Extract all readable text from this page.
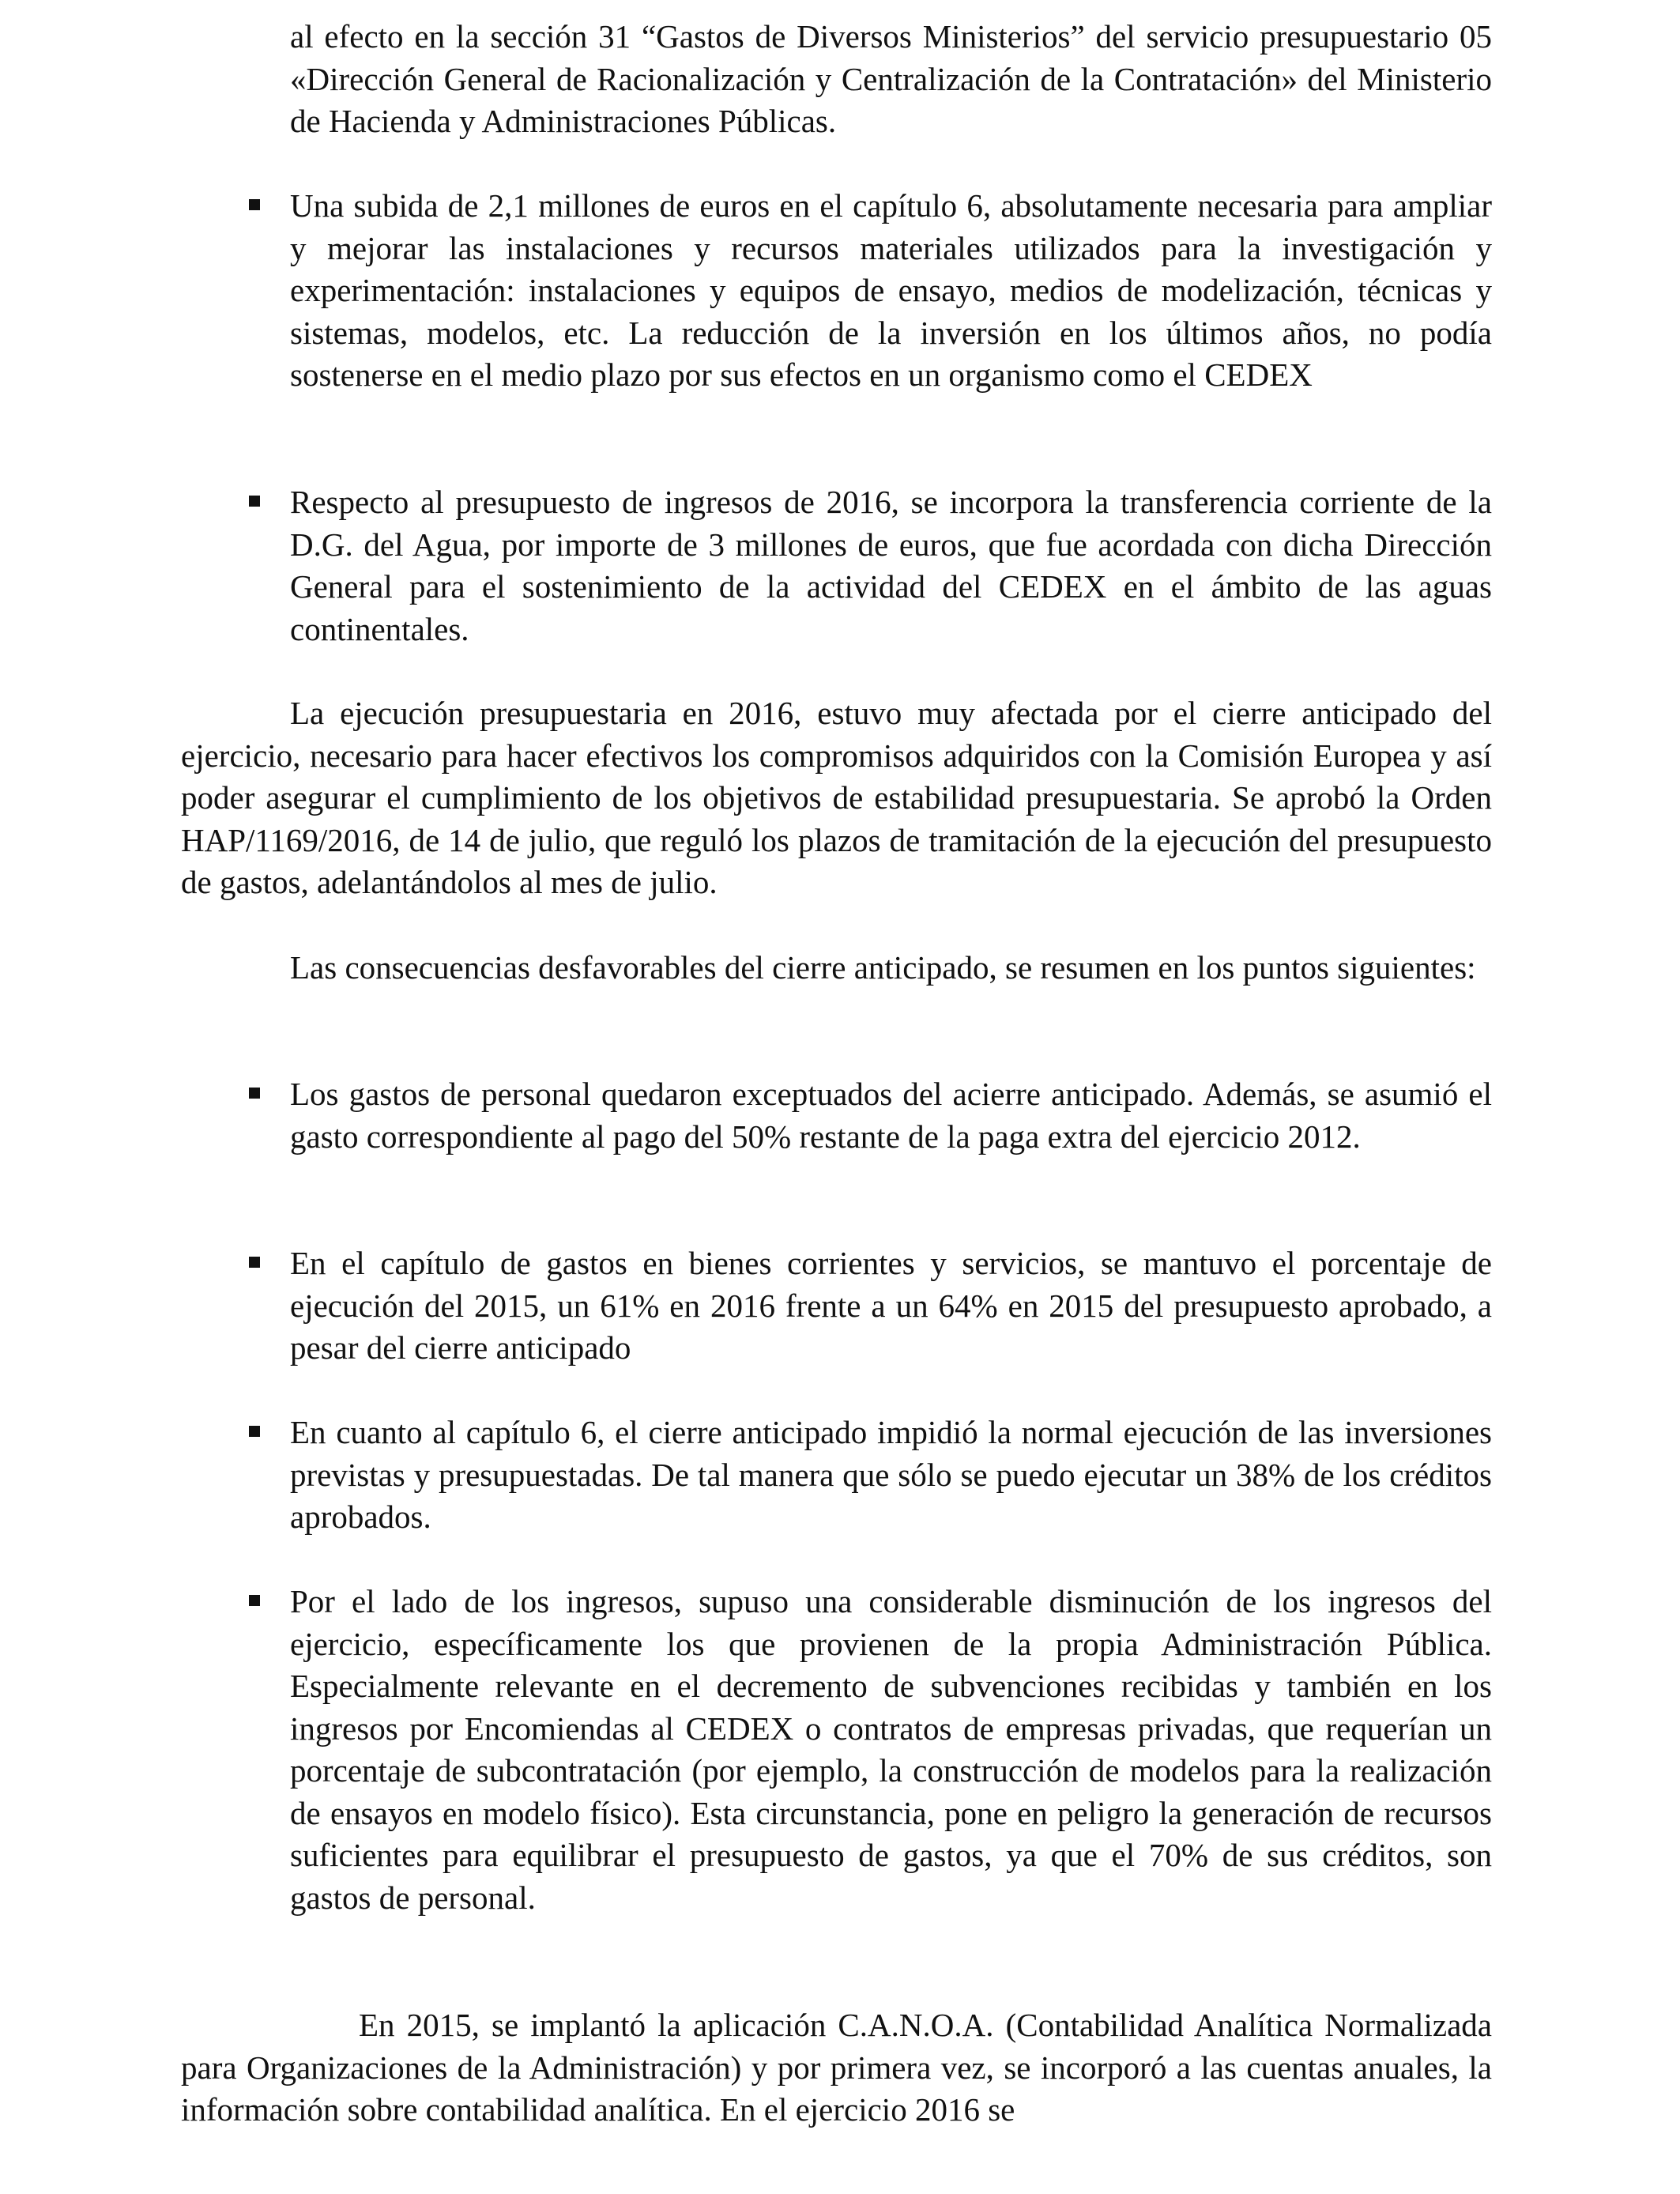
al efecto en la sección 31 “Gastos de Diversos Ministerios” del servicio presupuestario 05 «Dirección General de Racionalización y Centralización de la Contratación» del Ministerio de Hacienda y Administraciones Públicas.

Una subida de 2,1 millones de euros en el capítulo 6, absolutamente necesaria para ampliar y mejorar las instalaciones y recursos materiales utilizados para la investigación y experimentación: instalaciones y equipos de ensayo, medios de modelización, técnicas y sistemas, modelos, etc. La reducción de la inversión en los últimos años, no podía sostenerse en el medio plazo por sus efectos en un organismo como el CEDEX
Respecto al presupuesto de ingresos de 2016, se incorpora la transferencia corriente de la D.G. del Agua, por importe de 3 millones de euros, que fue acordada con dicha Dirección General para el sostenimiento de la actividad del CEDEX en el ámbito de las aguas continentales.

La ejecución presupuestaria en 2016, estuvo muy afectada por el cierre anticipado del ejercicio, necesario para hacer efectivos los compromisos adquiridos con la Comisión Europea y así poder asegurar el cumplimiento de los objetivos de estabilidad presupuestaria. Se aprobó la Orden HAP/1169/2016, de 14 de julio, que reguló los plazos de tramitación de la ejecución del presupuesto de gastos, adelantándolos al mes de julio.

Las consecuencias desfavorables del cierre anticipado, se resumen en los puntos siguientes:

Los gastos de personal quedaron exceptuados del acierre anticipado. Además, se asumió el gasto correspondiente al pago del 50% restante de la paga extra del ejercicio 2012.
En el capítulo de gastos en bienes corrientes y servicios, se mantuvo el porcentaje de ejecución del 2015, un 61% en 2016 frente a un 64% en 2015 del presupuesto aprobado, a pesar del cierre anticipado
En cuanto al capítulo 6, el cierre anticipado impidió la normal ejecución de las inversiones previstas y presupuestadas. De tal manera que sólo se puedo ejecutar un 38% de los créditos aprobados.
Por el lado de los ingresos, supuso una considerable disminución de los ingresos del ejercicio, específicamente los que provienen de la propia Administración Pública. Especialmente relevante en el decremento de subvenciones recibidas y también en los ingresos por Encomiendas al CEDEX o contratos de empresas privadas, que requerían un porcentaje de subcontratación (por ejemplo, la construcción de modelos para la realización de ensayos en modelo físico). Esta circunstancia, pone en peligro la generación de recursos suficientes para equilibrar el presupuesto de gastos, ya que el 70% de sus créditos, son gastos de personal.

En 2015, se implantó la aplicación C.A.N.O.A. (Contabilidad Analítica Normalizada para Organizaciones de la Administración) y por primera vez, se incorporó a las cuentas anuales, la información sobre contabilidad analítica. En el ejercicio 2016 se
